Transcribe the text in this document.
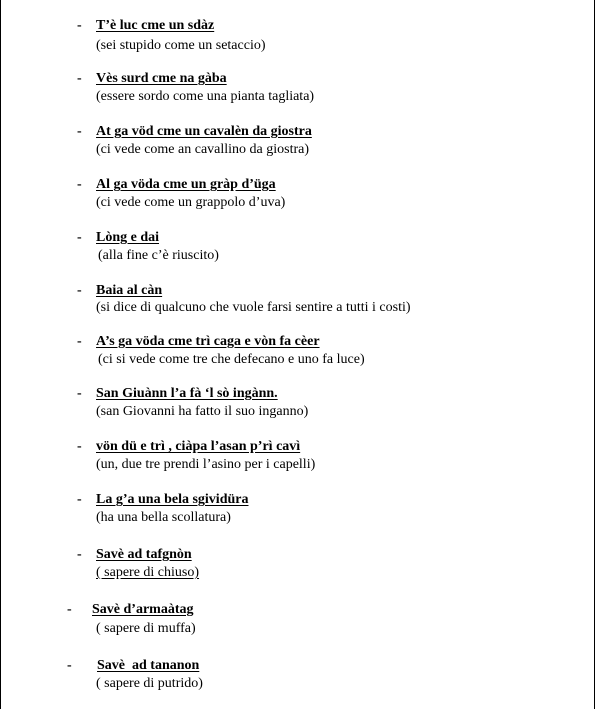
- T’è luc cme un sdàz
(sei stupido come un setaccio)
- Vès surd cme na gàba
(essere sordo come una pianta tagliata)
- At ga vöd cme un cavalèn da giostra
(ci vede come an cavallino da giostra)
- Al ga vöda cme un gràp d’üga
(ci vede come un grappolo d’uva)
- Lòng e dai
(alla fine c’è riuscito)
- Baia al càn
(si dice di qualcuno che vuole farsi sentire a tutti i costi)
- A’s ga vöda cme trì caga e vòn fa cèer
(ci si vede come tre che defecano e uno fa luce)
- San Giuànn l’a fà ‘l sò ingànn.
(san Giovanni ha fatto il suo inganno)
- vön dü e trì , ciàpa l’asan p’rì cavì
(un, due tre prendi l’asino per i capelli)
- La g’a una bela sgividüra
(ha una bella scollatura)
- Savè ad tafgnòn
( sapere di chiuso)
- Savè d’armaàtag
( sapere di muffa)
- Savè  ad tananon
( sapere di putrido)
